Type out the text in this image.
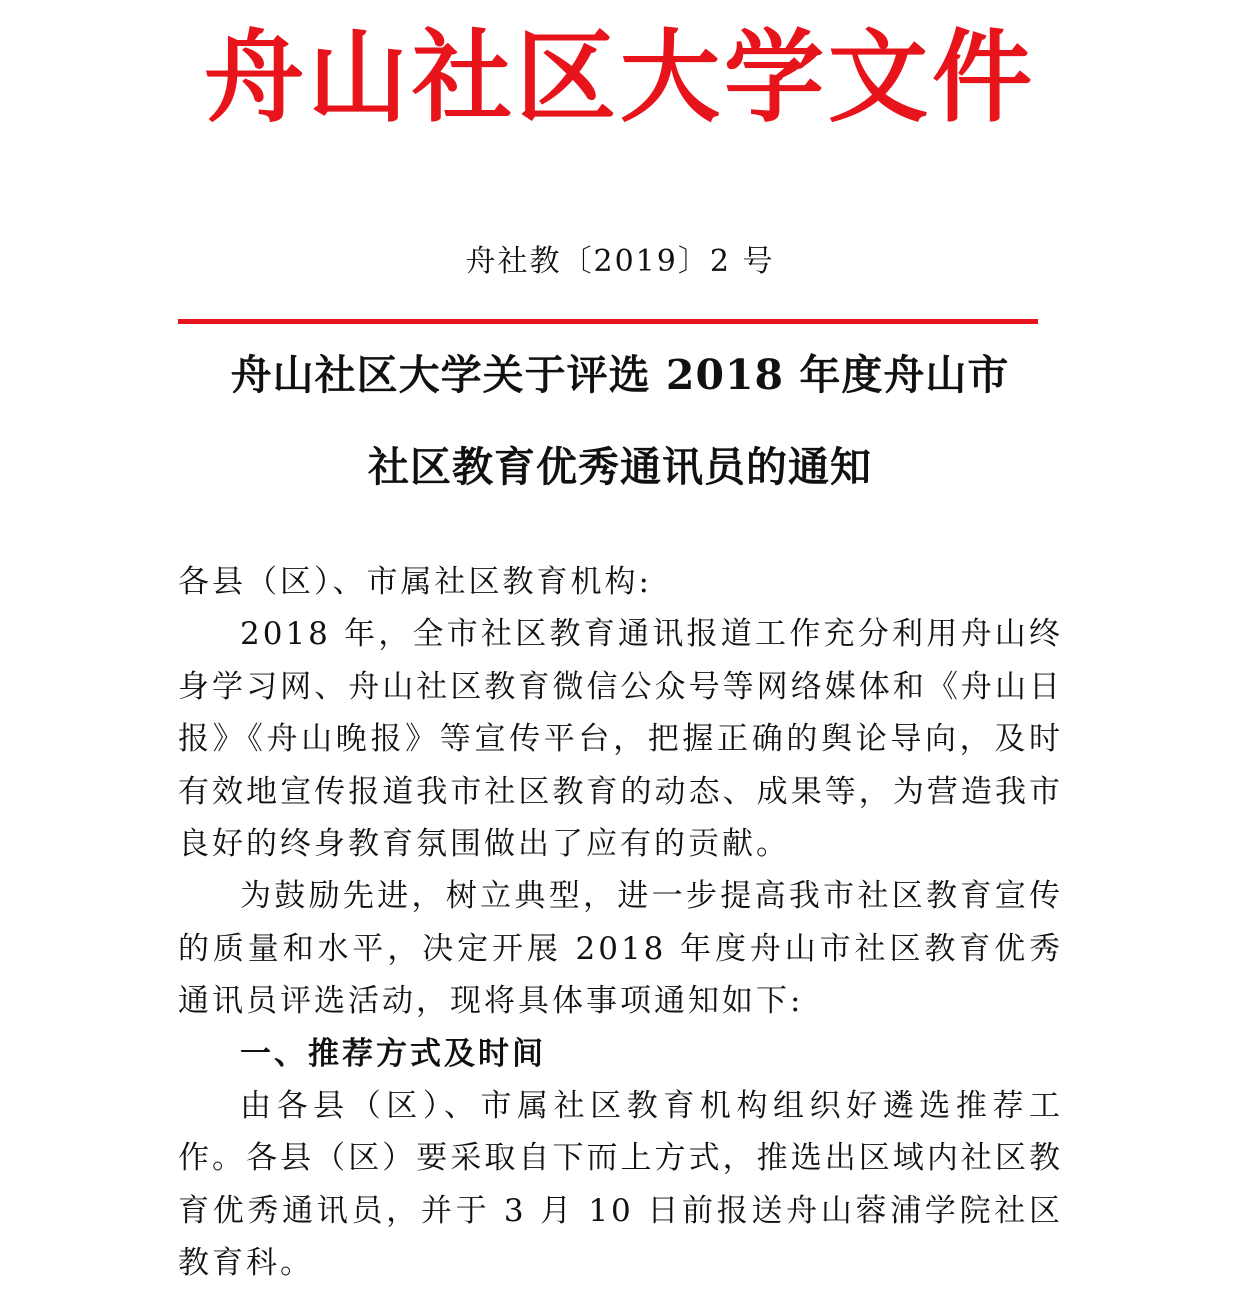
舟山社区大学文件
舟社教〔2019〕2 号
舟山社区大学关于评选 2018 年度舟山市
社区教育优秀通讯员的通知

各县（区）、市属社区教育机构:

2018 年，全市社区教育通讯报道工作充分利用舟山终身学习网、舟山社区教育微信公众号等网络媒体和《舟山日报》《舟山晚报》等宣传平台，把握正确的舆论导向，及时有效地宣传报道我市社区教育的动态、成果等，为营造我市良好的终身教育氛围做出了应有的贡献。

为鼓励先进，树立典型，进一步提高我市社区教育宣传的质量和水平，决定开展 2018 年度舟山市社区教育优秀通讯员评选活动，现将具体事项通知如下:

一、推荐方式及时间

由各县（区）、市属社区教育机构组织好遴选推荐工作。各县（区）要采取自下而上方式，推选出区域内社区教育优秀通讯员，并于 3 月 10 日前报送舟山蓉浦学院社区教育科。
